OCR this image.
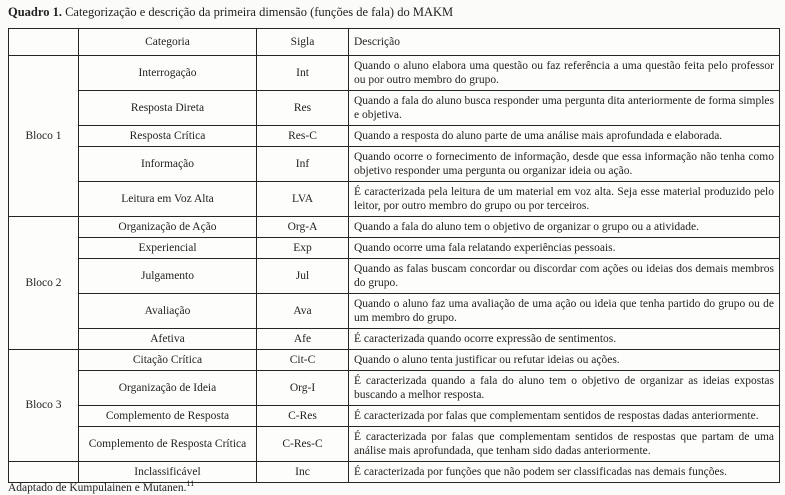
Quadro 1. Categorização e descrição da primeira dimensão (funções de fala) do MAKM
	Categoria	Sigla	Descrição
Bloco 1	Interrogação	Int	Quando o aluno elabora uma questão ou faz referência a uma questão feita pelo professor ou por outro membro do grupo.
	Resposta Direta	Res	Quando a fala do aluno busca responder uma pergunta dita anteriormente de forma simples e objetiva.
	Resposta Crítica	Res-C	Quando a resposta do aluno parte de uma análise mais aprofundada e elaborada.
	Informação	Inf	Quando ocorre o fornecimento de informação, desde que essa informação não tenha como objetivo responder uma pergunta ou organizar ideia ou ação.
	Leitura em Voz Alta	LVA	É caracterizada pela leitura de um material em voz alta. Seja esse material produzido pelo leitor, por outro membro do grupo ou por terceiros.
Bloco 2	Organização de Ação	Org-A	Quando a fala do aluno tem o objetivo de organizar o grupo ou a atividade.
	Experiencial	Exp	Quando ocorre uma fala relatando experiências pessoais.
	Julgamento	Jul	Quando as falas buscam concordar ou discordar com ações ou ideias dos demais membros do grupo.
	Avaliação	Ava	Quando o aluno faz uma avaliação de uma ação ou ideia que tenha partido do grupo ou de um membro do grupo.
	Afetiva	Afe	É caracterizada quando ocorre expressão de sentimentos.
Bloco 3	Citação Crítica	Cit-C	Quando o aluno tenta justificar ou refutar ideias ou ações.
	Organização de Ideia	Org-I	É caracterizada quando a fala do aluno tem o objetivo de organizar as ideias expostas buscando a melhor resposta.
	Complemento de Resposta	C-Res	É caracterizada por falas que complementam sentidos de respostas dadas anteriormente.
	Complemento de Resposta Crítica	C-Res-C	É caracterizada por falas que complementam sentidos de respostas que partam de uma análise mais aprofundada, que tenham sido dadas anteriormente.
	Inclassificável	Inc	É caracterizada por funções que não podem ser classificadas nas demais funções.
Adaptado de Kumpulainen e Mutanen.$^{11}$
